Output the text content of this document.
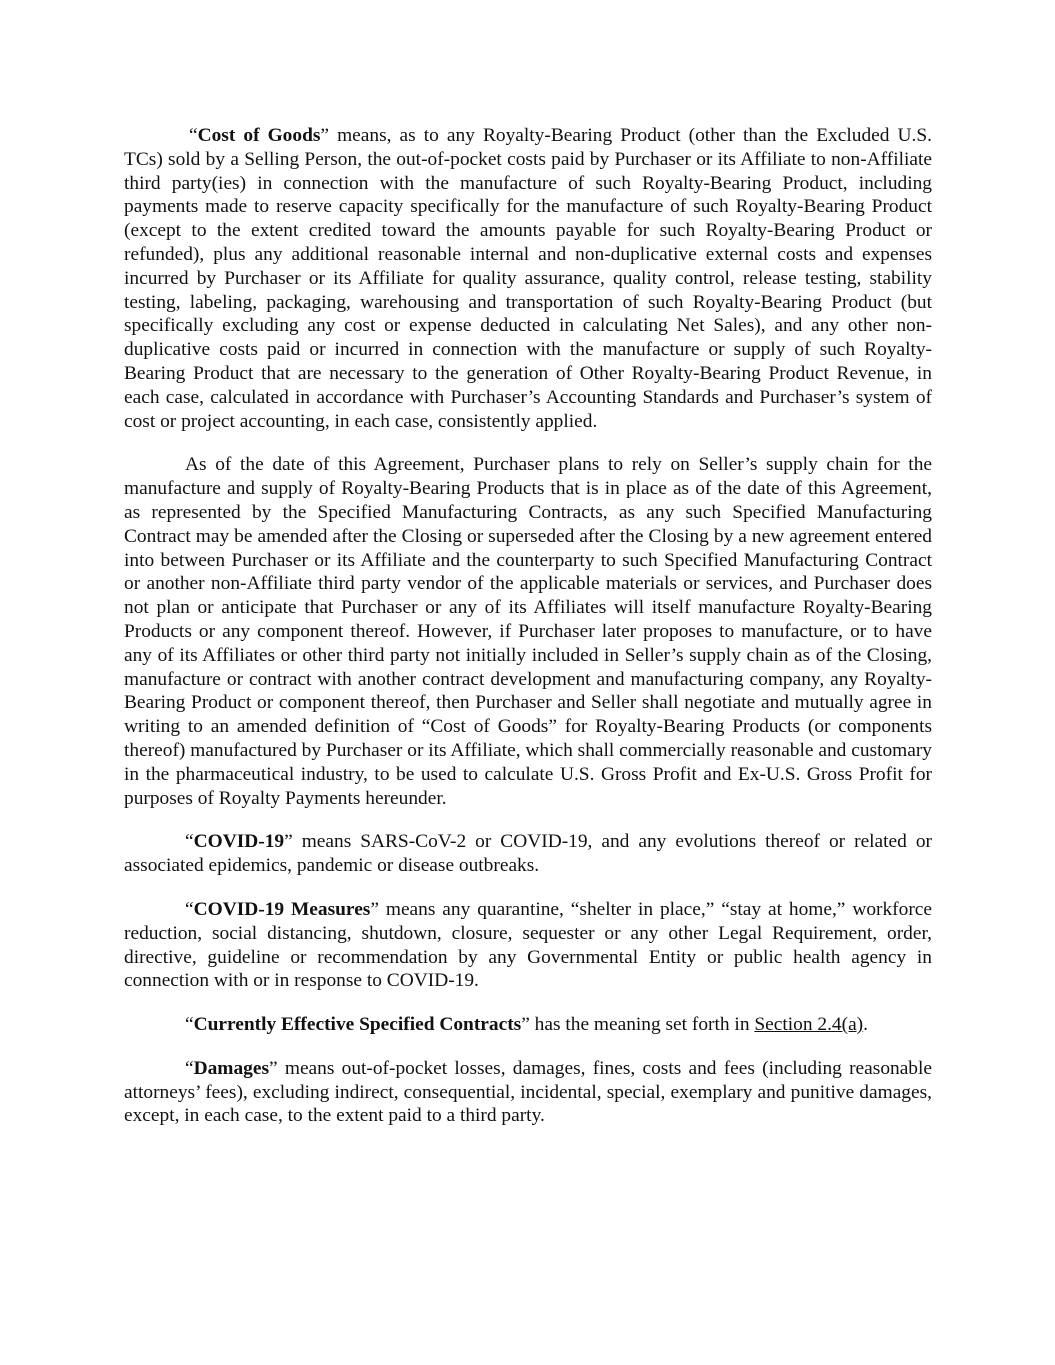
“Cost of Goods” means, as to any Royalty-Bearing Product (other than the Excluded U.S. TCs) sold by a Selling Person, the out-of-pocket costs paid by Purchaser or its Affiliate to non-Affiliate third party(ies) in connection with the manufacture of such Royalty-Bearing Product, including payments made to reserve capacity specifically for the manufacture of such Royalty-Bearing Product (except to the extent credited toward the amounts payable for such Royalty-Bearing Product or refunded), plus any additional reasonable internal and non-duplicative external costs and expenses incurred by Purchaser or its Affiliate for quality assurance, quality control, release testing, stability testing, labeling, packaging, warehousing and transportation of such Royalty-Bearing Product (but specifically excluding any cost or expense deducted in calculating Net Sales), and any other non-duplicative costs paid or incurred in connection with the manufacture or supply of such Royalty-Bearing Product that are necessary to the generation of Other Royalty-Bearing Product Revenue, in each case, calculated in accordance with Purchaser’s Accounting Standards and Purchaser’s system of cost or project accounting, in each case, consistently applied.

As of the date of this Agreement, Purchaser plans to rely on Seller’s supply chain for the manufacture and supply of Royalty-Bearing Products that is in place as of the date of this Agreement, as represented by the Specified Manufacturing Contracts, as any such Specified Manufacturing Contract may be amended after the Closing or superseded after the Closing by a new agreement entered into between Purchaser or its Affiliate and the counterparty to such Specified Manufacturing Contract or another non-Affiliate third party vendor of the applicable materials or services, and Purchaser does not plan or anticipate that Purchaser or any of its Affiliates will itself manufacture Royalty-Bearing Products or any component thereof. However, if Purchaser later proposes to manufacture, or to have any of its Affiliates or other third party not initially included in Seller’s supply chain as of the Closing, manufacture or contract with another contract development and manufacturing company, any Royalty-Bearing Product or component thereof, then Purchaser and Seller shall negotiate and mutually agree in writing to an amended definition of “Cost of Goods” for Royalty-Bearing Products (or components thereof) manufactured by Purchaser or its Affiliate, which shall commercially reasonable and customary in the pharmaceutical industry, to be used to calculate U.S. Gross Profit and Ex-U.S. Gross Profit for purposes of Royalty Payments hereunder.

“COVID-19” means SARS-CoV-2 or COVID-19, and any evolutions thereof or related or associated epidemics, pandemic or disease outbreaks.

“COVID-19 Measures” means any quarantine, “shelter in place,” “stay at home,” workforce reduction, social distancing, shutdown, closure, sequester or any other Legal Requirement, order, directive, guideline or recommendation by any Governmental Entity or public health agency in connection with or in response to COVID-19.

“Currently Effective Specified Contracts” has the meaning set forth in Section 2.4(a).

“Damages” means out-of-pocket losses, damages, fines, costs and fees (including reasonable attorneys’ fees), excluding indirect, consequential, incidental, special, exemplary and punitive damages, except, in each case, to the extent paid to a third party.
